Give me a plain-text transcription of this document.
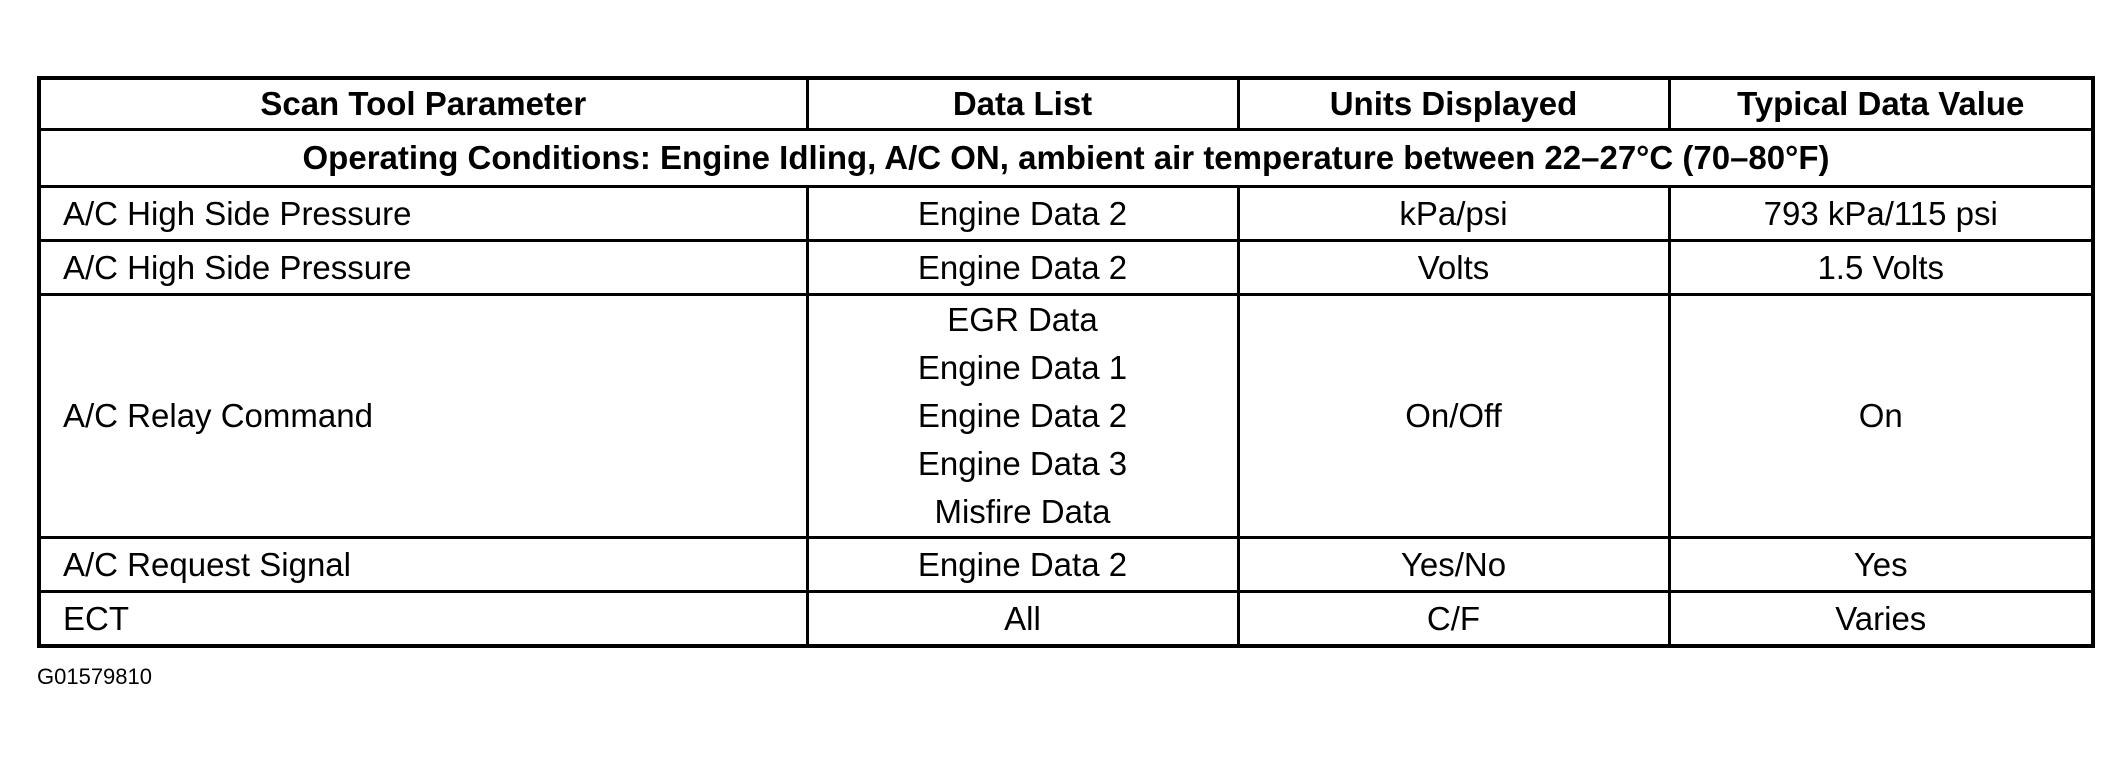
Scan Tool Parameter	Data List	Units Displayed	Typical Data Value
Operating Conditions: Engine Idling, A/C ON, ambient air temperature between 22–27°C (70–80°F)			
A/C High Side Pressure	Engine Data 2	kPa/psi	793 kPa/115 psi
A/C High Side Pressure	Engine Data 2	Volts	1.5 Volts
A/C Relay Command	EGR Data
Engine Data 1
Engine Data 2
Engine Data 3
Misfire Data	On/Off	On
A/C Request Signal	Engine Data 2	Yes/No	Yes
ECT	All	C/F	Varies
G01579810
